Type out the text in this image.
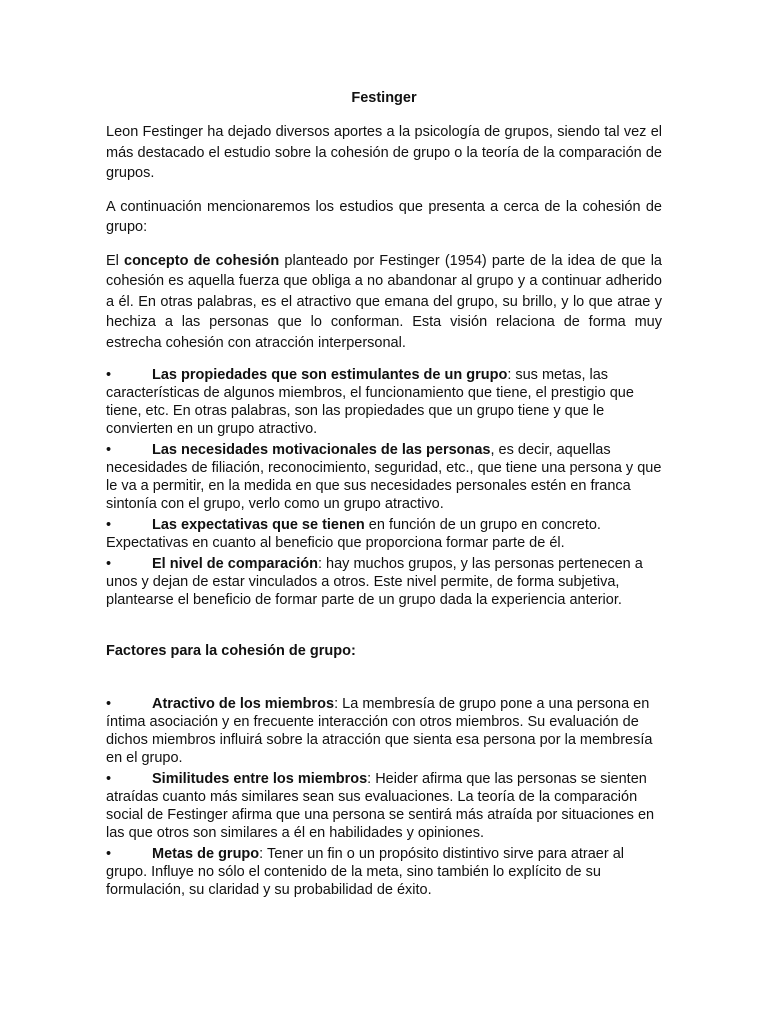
Festinger

Leon Festinger ha dejado diversos aportes a la psicología de grupos, siendo tal vez el más destacado el estudio sobre la cohesión de grupo o la teoría de la comparación de grupos.

A continuación mencionaremos los estudios que presenta a cerca de la cohesión de grupo:

El concepto de cohesión planteado por Festinger (1954) parte de la idea de que la cohesión es aquella fuerza que obliga a no abandonar al grupo y a continuar adherido a él. En otras palabras, es el atractivo que emana del grupo, su brillo, y lo que atrae y hechiza a las personas que lo conforman. Esta visión relaciona de forma muy estrecha cohesión con atracción interpersonal.

•	Las propiedades que son estimulantes de un grupo: sus metas, las características de algunos miembros, el funcionamiento que tiene, el prestigio que tiene, etc. En otras palabras, son las propiedades que un grupo tiene y que le convierten en un grupo atractivo.
•	Las necesidades motivacionales de las personas, es decir, aquellas necesidades de filiación, reconocimiento, seguridad, etc., que tiene una persona y que le va a permitir, en la medida en que sus necesidades personales estén en franca sintonía con el grupo, verlo como un grupo atractivo.
•	Las expectativas que se tienen en función de un grupo en concreto. Expectativas en cuanto al beneficio que proporciona formar parte de él.
•	El nivel de comparación: hay muchos grupos, y las personas pertenecen a unos y dejan de estar vinculados a otros. Este nivel permite, de forma subjetiva, plantearse el beneficio de formar parte de un grupo dada la experiencia anterior.
Factores para la cohesión de grupo:
•	Atractivo de los miembros: La membresía de grupo pone a una persona en íntima asociación y en frecuente interacción con otros miembros. Su evaluación de dichos miembros influirá sobre la atracción que sienta esa persona por la membresía en el grupo.
•	Similitudes entre los miembros: Heider afirma que las personas se sienten atraídas cuanto más similares sean sus evaluaciones. La teoría de la comparación social de Festinger afirma que una persona se sentirá más atraída por situaciones en las que otros son similares a él en habilidades y opiniones.
•	Metas de grupo: Tener un fin o un propósito distintivo sirve para atraer al grupo. Influye no sólo el contenido de la meta, sino también lo explícito de su formulación, su claridad y su probabilidad de éxito.
